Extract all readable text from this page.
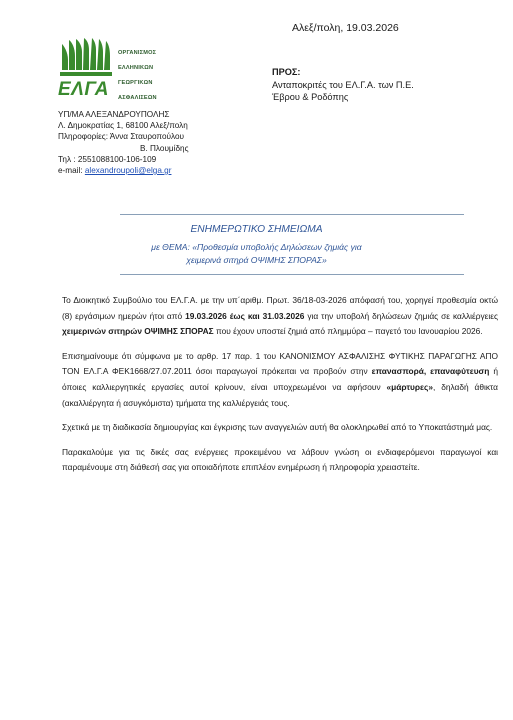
Αλεξ/πολη, 19.03.2026
ΟΡΓΑΝΙΣΜΟΣ
ΕΛΛΗΝΙΚΩΝ
ΓΕΩΡΓΙΚΩΝ
ΑΣΦΑΛΙΣΕΩΝ
ΕΛΓΑ
ΥΠ/ΜΑ ΑΛΕΞΑΝΔΡΟΥΠΟΛΗΣ
Λ. Δημοκρατίας 1, 68100 Αλεξ/πολη
Πληροφορίες: Άννα Σταυροπούλου
Β. Πλουμίδης
Τηλ : 2551088100-106-109
e-mail: alexandroupoli@elga.gr
ΠΡΟΣ:
Ανταποκριτές του ΕΛ.Γ.Α. των Π.Ε.
Έβρου & Ροδόπης
ΕΝΗΜΕΡΩΤΙΚΟ ΣΗΜΕΙΩΜΑ
με ΘΕΜΑ: «Προθεσμία υποβολής Δηλώσεων ζημιάς για
χειμερινά σιτηρά ΟΨΙΜΗΣ ΣΠΟΡΑΣ»

Το Διοικητικό Συμβούλιο του ΕΛ.Γ.Α. με την υπ΄αριθμ. Πρωτ. 36/18-03-2026 απόφασή του, χορηγεί προθεσμία οκτώ (8) εργάσιμων ημερών ήτοι από 19.03.2026 έως και 31.03.2026 για την υποβολή δηλώσεων ζημιάς σε καλλιέργειες χειμερινών σιτηρών ΟΨΙΜΗΣ ΣΠΟΡΑΣ που έχουν υποστεί ζημιά από πλημμύρα – παγετό του Ιανουαρίου 2026.

Επισημαίνουμε ότι σύμφωνα με το αρθρ. 17 παρ. 1 του ΚΑΝΟΝΙΣΜΟΥ ΑΣΦΑΛΙΣΗΣ ΦΥΤΙΚΗΣ ΠΑΡΑΓΩΓΗΣ ΑΠΟ ΤΟΝ ΕΛ.Γ.Α ΦΕΚ1668/27.07.2011 όσοι παραγωγοί πρόκειται να προβούν στην επανασπορά, επαναφύτευση ή όποιες καλλιεργητικές εργασίες αυτοί κρίνουν, είναι υποχρεωμένοι να αφήσουν «μάρτυρες», δηλαδή άθικτα (ακαλλιέργητα ή ασυγκόμιστα) τμήματα της καλλιέργειάς τους.

Σχετικά με τη διαδικασία δημιουργίας και έγκρισης των αναγγελιών αυτή θα ολοκληρωθεί από το Υποκατάστημά μας.

Παρακαλούμε για τις δικές σας ενέργειες προκειμένου να λάβουν γνώση οι ενδιαφερόμενοι παραγωγοί και παραμένουμε στη διάθεσή σας για οποιαδήποτε επιπλέον ενημέρωση ή πληροφορία χρειαστείτε.
